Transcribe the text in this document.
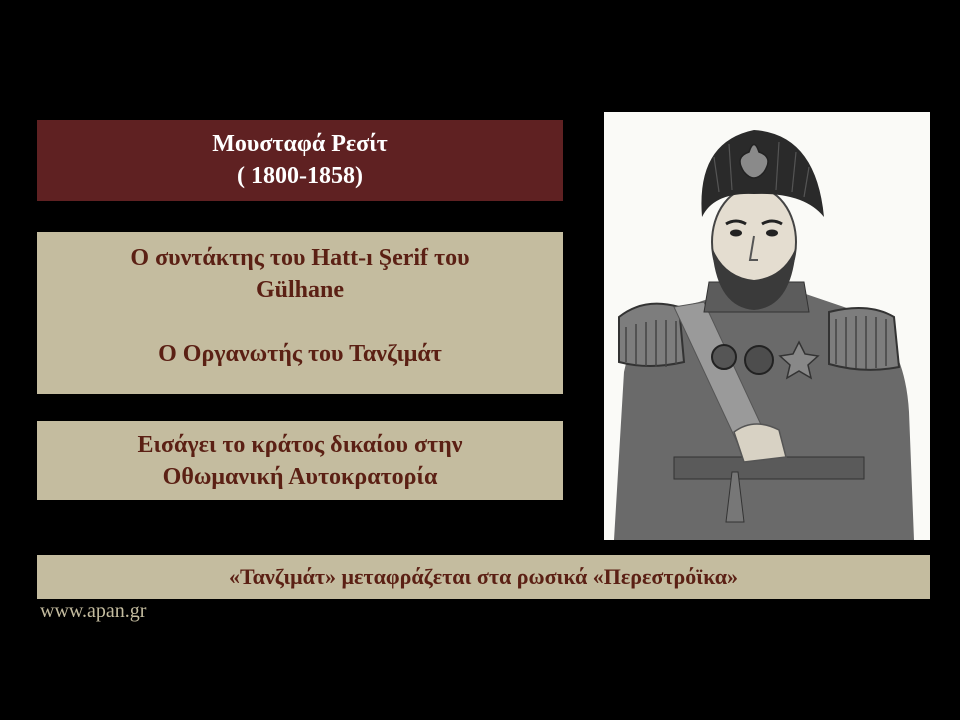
Μουσταφά Ρεσίτ
( 1800-1858)
Ο συντάκτης του Hatt-ı Şerif του
Gülhane
Ο Οργανωτής του Τανζιμάτ
Εισάγει το κράτος δικαίου στην
Οθωμανική Αυτοκρατορία
«Τανζιμάτ» μεταφράζεται στα ρωσικά «Περεστρόϊκα»
www.apan.gr
